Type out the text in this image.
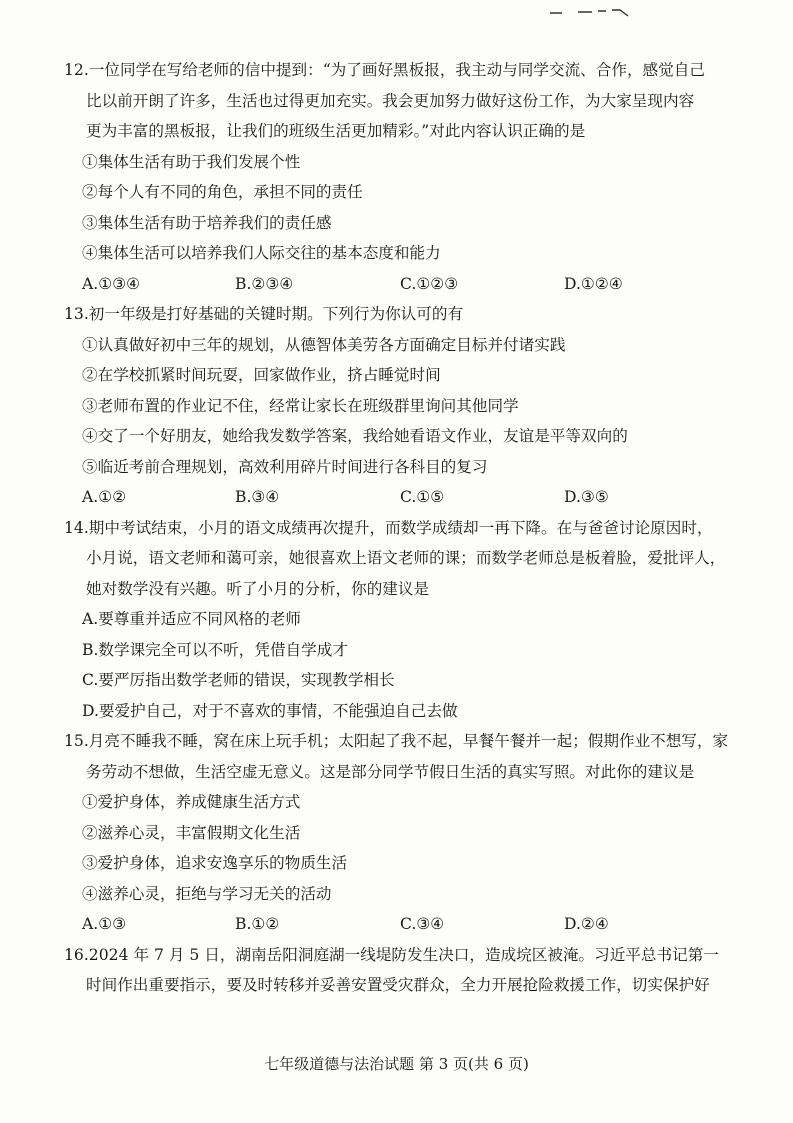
12.一位同学在写给老师的信中提到：“为了画好黑板报，我主动与同学交流、合作，感觉自己
比以前开朗了许多，生活也过得更加充实。我会更加努力做好这份工作，为大家呈现内容
更为丰富的黑板报，让我们的班级生活更加精彩。”对此内容认识正确的是
①集体生活有助于我们发展个性
②每个人有不同的角色，承担不同的责任
③集体生活有助于培养我们的责任感
④集体生活可以培养我们人际交往的基本态度和能力
A.①③④	B.②③④	C.①②③	D.①②④
13.初一年级是打好基础的关键时期。下列行为你认可的有
①认真做好初中三年的规划，从德智体美劳各方面确定目标并付诸实践
②在学校抓紧时间玩耍，回家做作业，挤占睡觉时间
③老师布置的作业记不住，经常让家长在班级群里询问其他同学
④交了一个好朋友，她给我发数学答案，我给她看语文作业，友谊是平等双向的
⑤临近考前合理规划，高效利用碎片时间进行各科目的复习
A.①②	B.③④	C.①⑤	D.③⑤
14.期中考试结束，小月的语文成绩再次提升，而数学成绩却一再下降。在与爸爸讨论原因时，
小月说，语文老师和蔼可亲，她很喜欢上语文老师的课；而数学老师总是板着脸，爱批评人，
她对数学没有兴趣。听了小月的分析，你的建议是
A.要尊重并适应不同风格的老师
B.数学课完全可以不听，凭借自学成才
C.要严厉指出数学老师的错误，实现教学相长
D.要爱护自己，对于不喜欢的事情，不能强迫自己去做
15.月亮不睡我不睡，窝在床上玩手机；太阳起了我不起，早餐午餐并一起；假期作业不想写，家
务劳动不想做，生活空虚无意义。这是部分同学节假日生活的真实写照。对此你的建议是
①爱护身体，养成健康生活方式
②滋养心灵，丰富假期文化生活
③爱护身体，追求安逸享乐的物质生活
④滋养心灵，拒绝与学习无关的活动
A.①③	B.①②	C.③④	D.②④
16.2024 年 7 月 5 日，湖南岳阳洞庭湖一线堤防发生决口，造成垸区被淹。习近平总书记第一
时间作出重要指示，要及时转移并妥善安置受灾群众，全力开展抢险救援工作，切实保护好
七年级道德与法治试题 第 3 页(共 6 页)
